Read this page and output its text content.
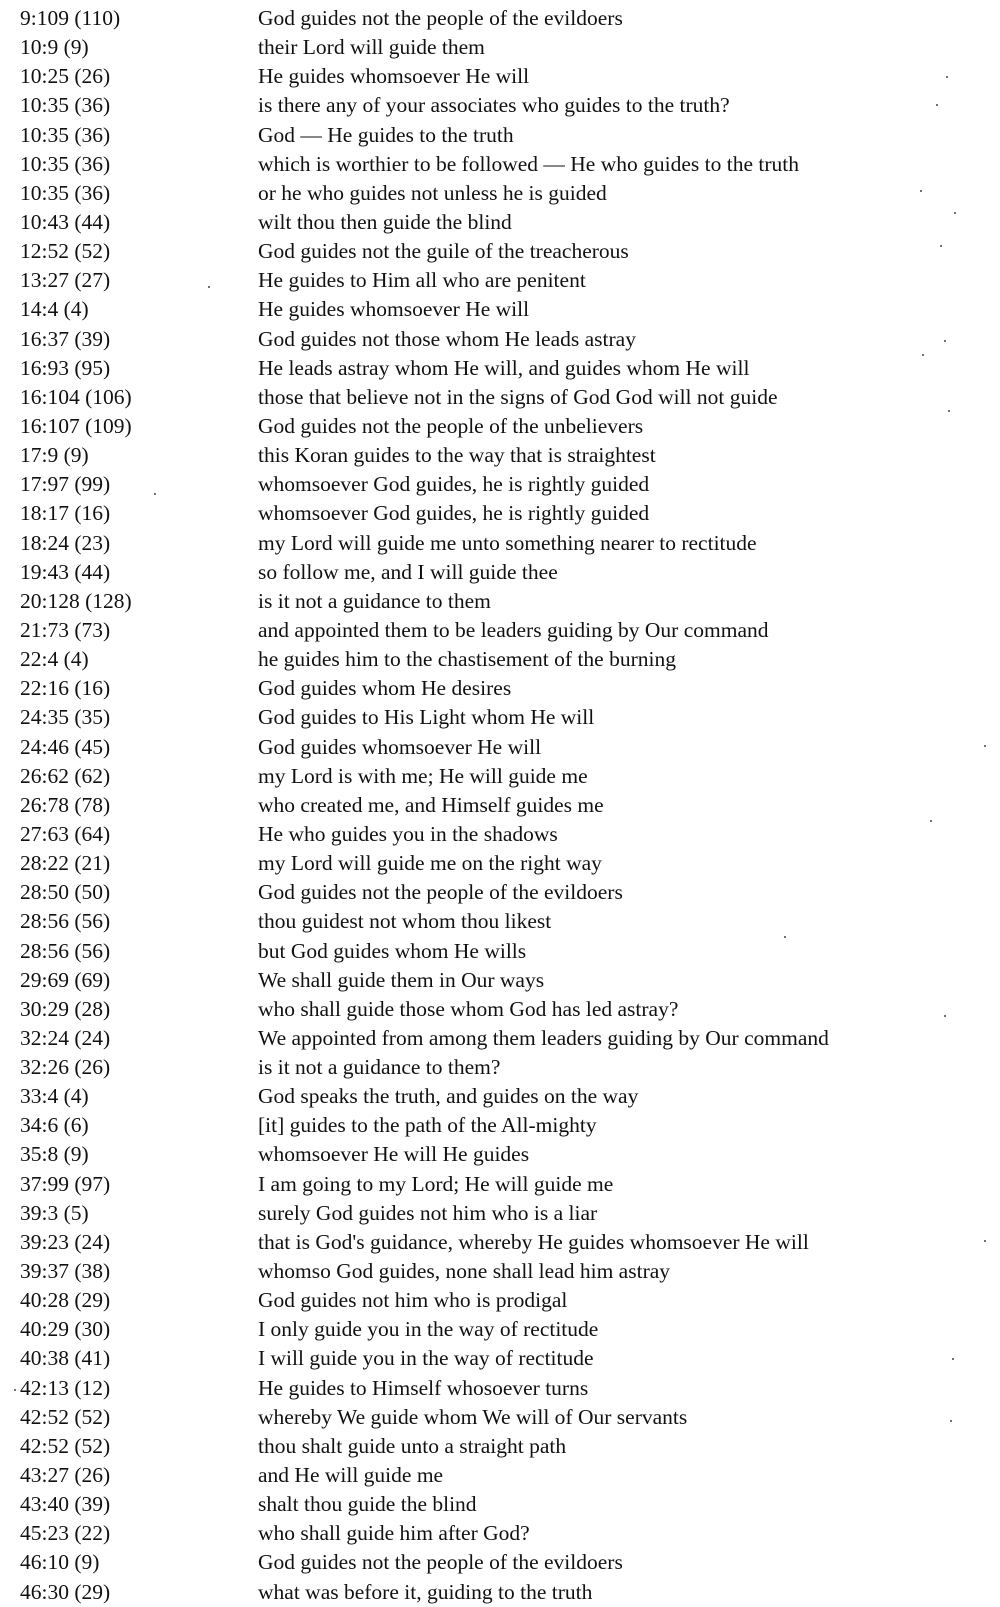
9:109 (110)	God guides not the people of the evildoers
10:9 (9)	their Lord will guide them
10:25 (26)	He guides whomsoever He will
10:35 (36)	is there any of your associates who guides to the truth?
10:35 (36)	God — He guides to the truth
10:35 (36)	which is worthier to be followed — He who guides to the truth
10:35 (36)	or he who guides not unless he is guided
10:43 (44)	wilt thou then guide the blind
12:52 (52)	God guides not the guile of the treacherous
13:27 (27)	He guides to Him all who are penitent
14:4 (4)	He guides whomsoever He will
16:37 (39)	God guides not those whom He leads astray
16:93 (95)	He leads astray whom He will, and guides whom He will
16:104 (106)	those that believe not in the signs of God God will not guide
16:107 (109)	God guides not the people of the unbelievers
17:9 (9)	this Koran guides to the way that is straightest
17:97 (99)	whomsoever God guides, he is rightly guided
18:17 (16)	whomsoever God guides, he is rightly guided
18:24 (23)	my Lord will guide me unto something nearer to rectitude
19:43 (44)	so follow me, and I will guide thee
20:128 (128)	is it not a guidance to them
21:73 (73)	and appointed them to be leaders guiding by Our command
22:4 (4)	he guides him to the chastisement of the burning
22:16 (16)	God guides whom He desires
24:35 (35)	God guides to His Light whom He will
24:46 (45)	God guides whomsoever He will
26:62 (62)	my Lord is with me; He will guide me
26:78 (78)	who created me, and Himself guides me
27:63 (64)	He who guides you in the shadows
28:22 (21)	my Lord will guide me on the right way
28:50 (50)	God guides not the people of the evildoers
28:56 (56)	thou guidest not whom thou likest
28:56 (56)	but God guides whom He wills
29:69 (69)	We shall guide them in Our ways
30:29 (28)	who shall guide those whom God has led astray?
32:24 (24)	We appointed from among them leaders guiding by Our command
32:26 (26)	is it not a guidance to them?
33:4 (4)	God speaks the truth, and guides on the way
34:6 (6)	[it] guides to the path of the All-mighty
35:8 (9)	whomsoever He will He guides
37:99 (97)	I am going to my Lord; He will guide me
39:3 (5)	surely God guides not him who is a liar
39:23 (24)	that is God's guidance, whereby He guides whomsoever He will
39:37 (38)	whomso God guides, none shall lead him astray
40:28 (29)	God guides not him who is prodigal
40:29 (30)	I only guide you in the way of rectitude
40:38 (41)	I will guide you in the way of rectitude
42:13 (12)	He guides to Himself whosoever turns
42:52 (52)	whereby We guide whom We will of Our servants
42:52 (52)	thou shalt guide unto a straight path
43:27 (26)	and He will guide me
43:40 (39)	shalt thou guide the blind
45:23 (22)	who shall guide him after God?
46:10 (9)	God guides not the people of the evildoers
46:30 (29)	what was before it, guiding to the truth
